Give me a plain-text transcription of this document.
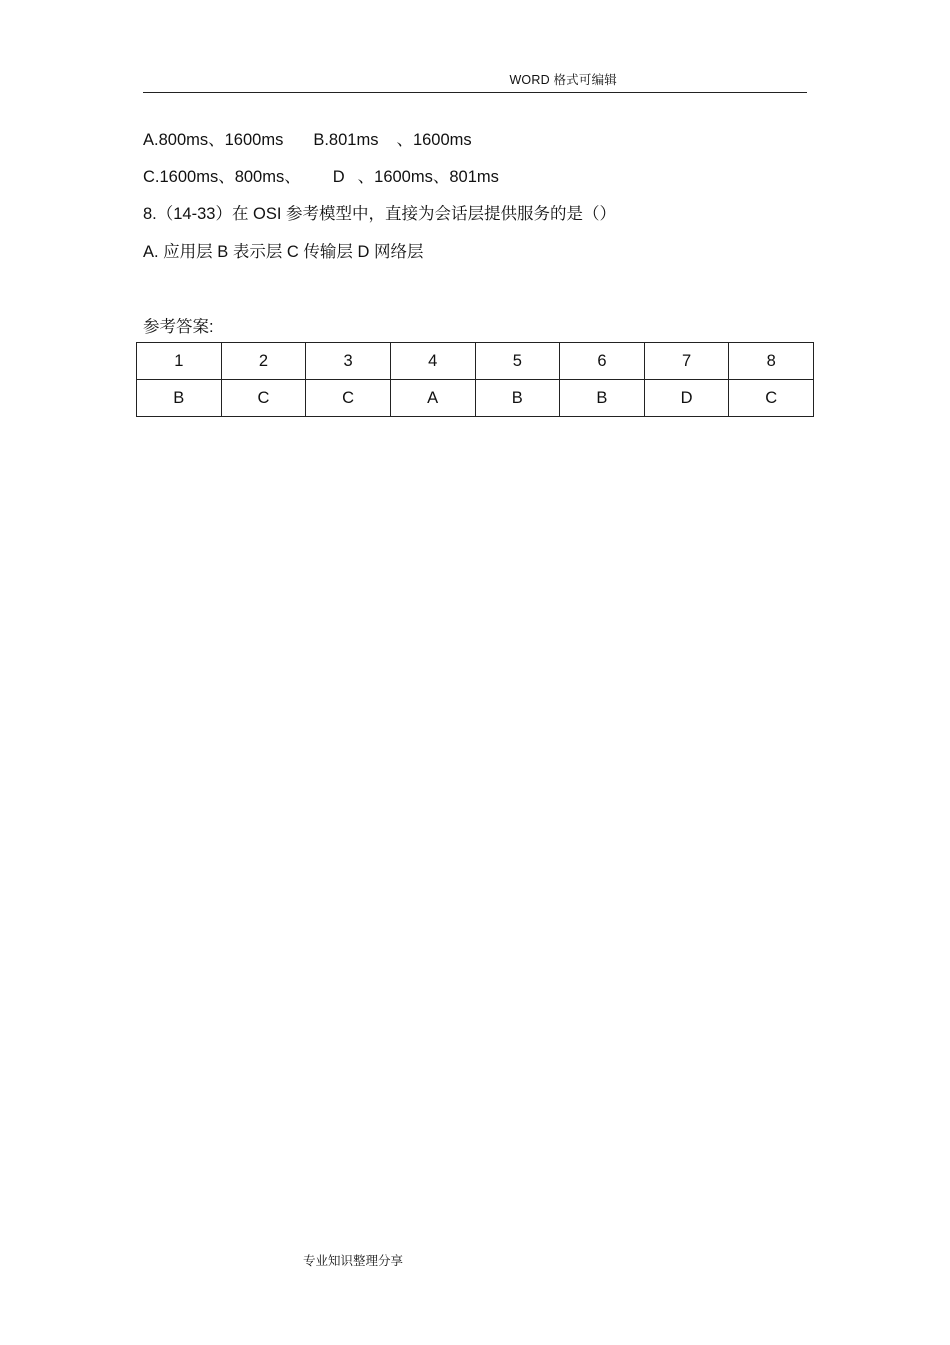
WORD 格式可编辑
A.800ms、1600ms B.801ms 、1600ms
C.1600ms、800ms、 D 、1600ms、801ms
8.（14-33）在 OSI 参考模型中，直接为会话层提供服务的是（）
A. 应用层 B 表示层 C 传输层 D 网络层
参考答案:
1	2	3	4	5	6	7	8
B	C	C	A	B	B	D	C
专业知识整理分享
